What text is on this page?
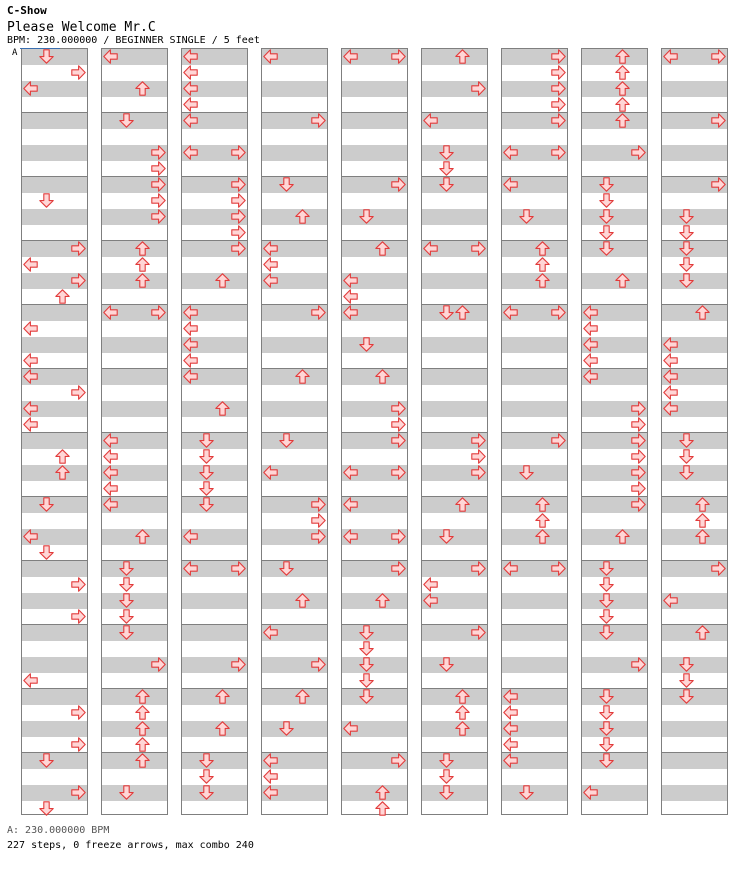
C-Show
Please Welcome Mr.C
BPM: 230.000000 / BEGINNER SINGLE / 5 feet
A
A: 230.000000 BPM
227 steps, 0 freeze arrows, max combo 240
